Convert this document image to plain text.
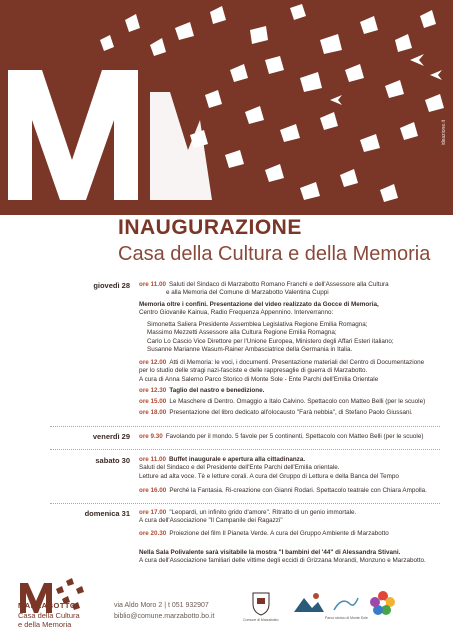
ideazione.it
INAUGURAZIONE
Casa della Cultura e della Memoria
giovedì 28 ore 11.00 Saluti del Sindaco di Marzabotto Romano Franchi e dell'Assessore alla Cultura
e alla Memoria del Comune di Marzabotto Valentina Cuppi
Memoria oltre i confini. Presentazione del video realizzato da Gocce di Memoria,
Centro Giovanile Kainua, Radio Frequenza Appennino. Interverranno:
Simonetta Saliera Presidente Assemblea Legislativa Regione Emilia Romagna;
Massimo Mezzetti Assessore alla Cultura Regione Emilia Romagna;
Carlo Lo Cascio Vice Direttore per l'Unione Europea, Ministero degli Affari Esteri italiano;
Susanne Marianne Wasum-Rainer Ambasciatrice della Germania in Italia.
ore 12.00 Atti di Memoria: le voci, i documenti. Presentazione materiali del Centro di Documentazione
per lo studio delle stragi nazi-fasciste e delle rappresaglie di guerra di Marzabotto.
A cura di Anna Salerno Parco Storico di Monte Sole - Ente Parchi dell'Emilia Orientale
ore 12.30 Taglio del nastro e benedizione.
ore 15.00 Le Maschere di Dentro. Omaggio a Italo Calvino. Spettacolo con Matteo Belli (per le scuole)
ore 18.00 Presentazione del libro dedicato all'olocausto "Farà nebbia", di Stefano Paolo Giussani.
venerdì 29 ore 9.30 Favolando per il mondo. 5 favole per 5 continenti. Spettacolo con Matteo Belli (per le scuole)
sabato 30 ore 11.00 Buffet inaugurale e apertura alla cittadinanza.
Saluti del Sindaco e del Presidente dell'Ente Parchi dell'Emilia orientale.
Letture ad alta voce. Tè e letture corali. A cura del Gruppo di Lettura e della Banca del Tempo
ore 16.00 Perché la Fantasia. Ri-creazione con Gianni Rodari. Spettacolo teatrale con Chiara Ampolla.
domenica 31 ore 17.00 "Leopardi, un infinito grido d'amore". Ritratto di un genio immortale.
A cura dell'Associazione "Il Campanile dei Ragazzi"
ore 20.30 Proiezione del film Il Pianeta Verde. A cura del Gruppo Ambiente di Marzabotto
Nella Sala Polivalente sarà visitabile la mostra "I bambini del '44" di Alessandra Stivani.
A cura dell'Associazione familiari delle vittime degli eccidi di Grizzana Morandi, Monzuno e Marzabotto.
MARZABOTTO
Casa della Cultura
e della Memoria
via Aldo Moro 2 | t 051 932907
biblio@comune.marzabotto.bo.it	Comune di Marzabotto	Parco storico di Monte Sole
